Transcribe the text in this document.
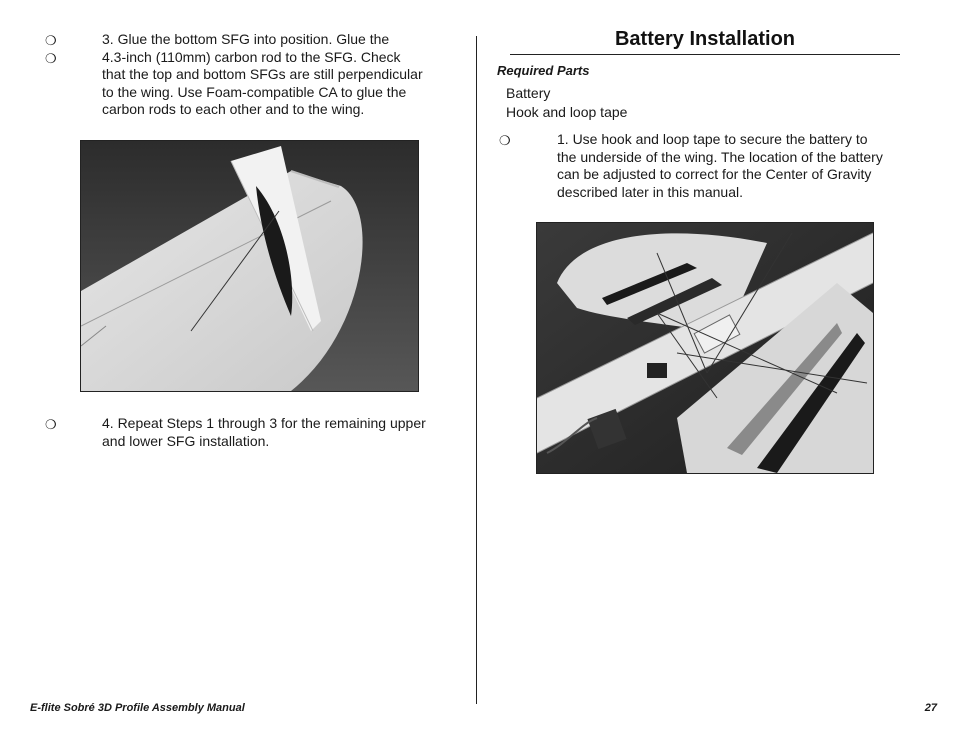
❍ ❍
3. Glue the bottom SFG into position. Glue the
4.3-inch (110mm) carbon rod to the SFG. Check
that the top and bottom SFGs are still perpendicular
to the wing. Use Foam-compatible CA to glue the
carbon rods to each other and to the wing.
❍	4. Repeat Steps 1 through 3 for the remaining upper
and lower SFG installation.
Battery Installation
Required Parts
Battery
Hook and loop tape
❍	1. Use hook and loop tape to secure the battery to
the underside of the wing. The location of the battery
can be adjusted to correct for the Center of Gravity
described later in this manual.
E-flite Sobré 3D Profile Assembly Manual	27
